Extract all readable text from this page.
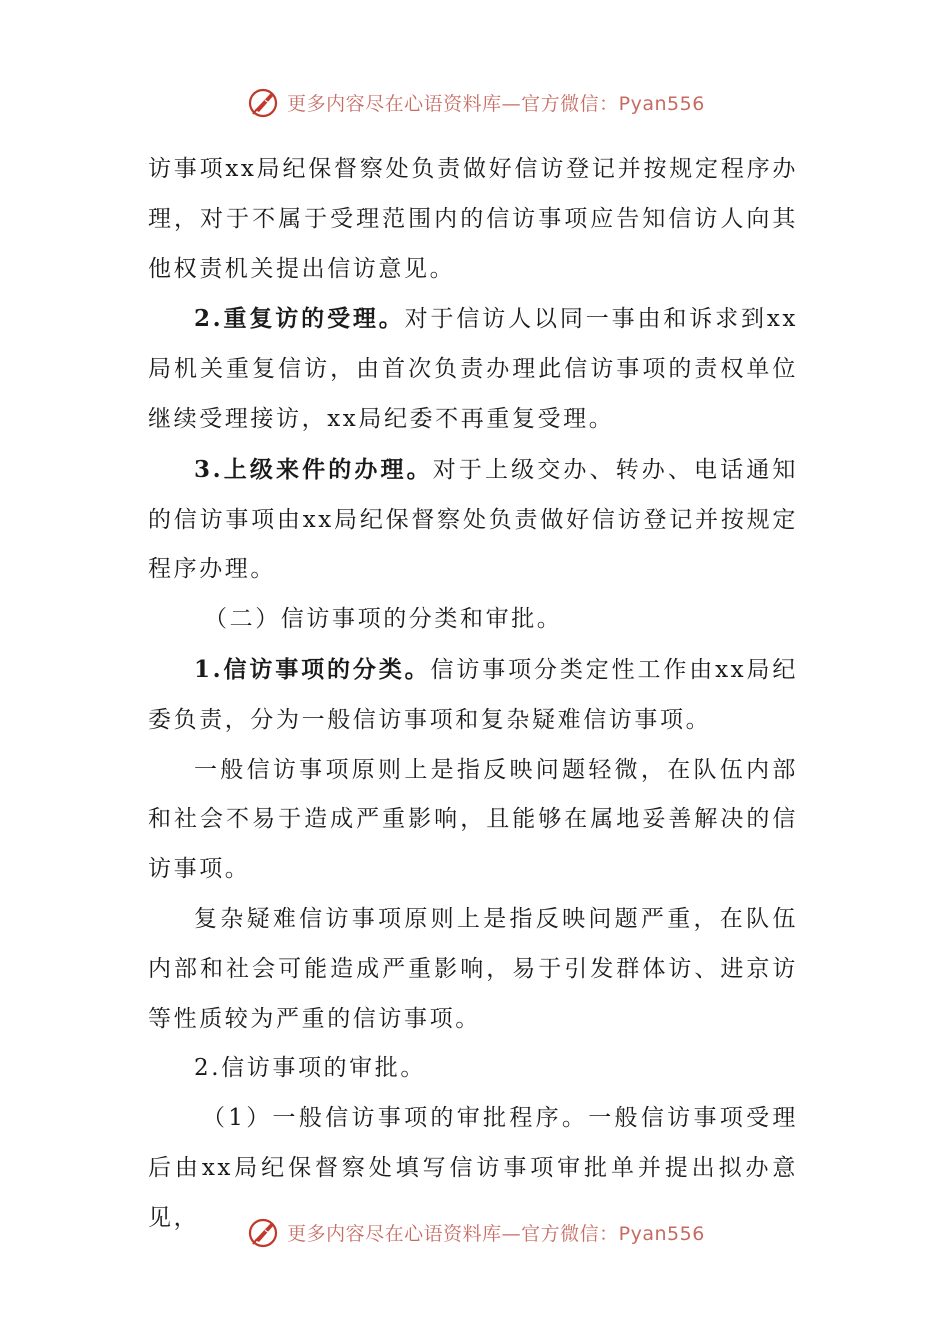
更多内容尽在心语资料库—官方微信：Pyan556

访事项xx局纪保督察处负责做好信访登记并按规定程序办理，对于不属于受理范围内的信访事项应告知信访人向其他权责机关提出信访意见。

2.重复访的受理。对于信访人以同一事由和诉求到xx局机关重复信访，由首次负责办理此信访事项的责权单位继续受理接访，xx局纪委不再重复受理。

3.上级来件的办理。对于上级交办、转办、电话通知的信访事项由xx局纪保督察处负责做好信访登记并按规定程序办理。

（二）信访事项的分类和审批。

1.信访事项的分类。信访事项分类定性工作由xx局纪委负责，分为一般信访事项和复杂疑难信访事项。

一般信访事项原则上是指反映问题轻微，在队伍内部和社会不易于造成严重影响，且能够在属地妥善解决的信访事项。

复杂疑难信访事项原则上是指反映问题严重，在队伍内部和社会可能造成严重影响，易于引发群体访、进京访等性质较为严重的信访事项。

2.信访事项的审批。

（1）一般信访事项的审批程序。一般信访事项受理后由xx局纪保督察处填写信访事项审批单并提出拟办意见，

更多内容尽在心语资料库—官方微信：Pyan556
